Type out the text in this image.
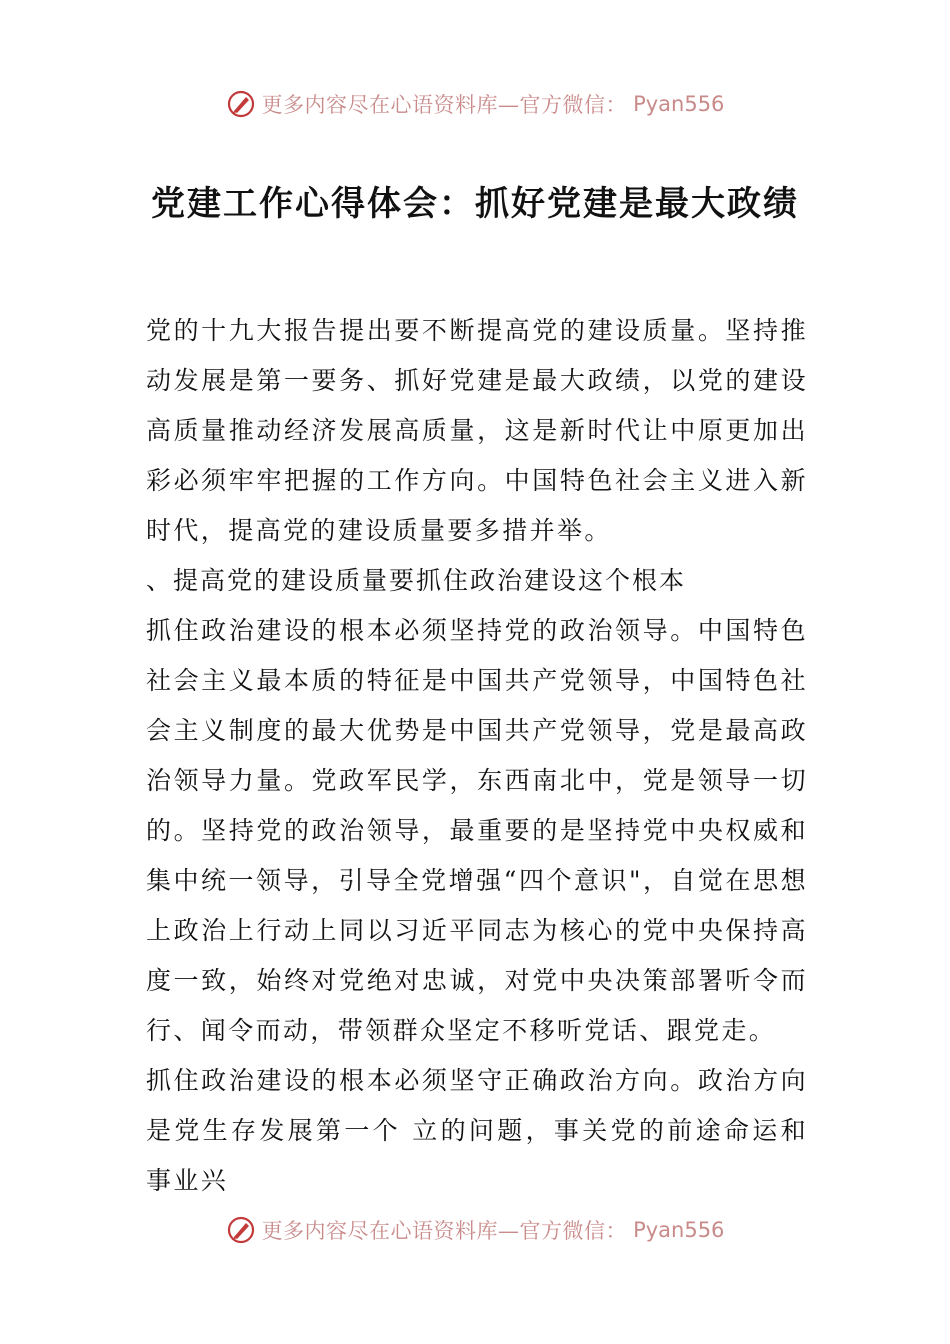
更多内容尽在心语资料库—官方微信： Pyan556
党建工作心得体会：抓好党建是最大政绩

党的十九大报告提出要不断提高党的建设质量。坚持推动发展是第一要务、抓好党建是最大政绩，以党的建设高质量推动经济发展高质量，这是新时代让中原更加出彩必须牢牢把握的工作方向。中国特色社会主义进入新时代，提高党的建设质量要多措并举。

、提高党的建设质量要抓住政治建设这个根本

抓住政治建设的根本必须坚持党的政治领导。中国特色社会主义最本质的特征是中国共产党领导，中国特色社会主义制度的最大优势是中国共产党领导，党是最高政治领导力量。党政军民学，东西南北中，党是领导一切的。坚持党的政治领导，最重要的是坚持党中央权威和集中统一领导，引导全党增强“四个意识"，自觉在思想上政治上行动上同以习近平同志为核心的党中央保持高度一致，始终对党绝对忠诚，对党中央决策部署听令而行、闻令而动，带领群众坚定不移听党话、跟党走。

抓住政治建设的根本必须坚守正确政治方向。政治方向是党生存发展第一个 立的问题，事关党的前途命运和事业兴

更多内容尽在心语资料库—官方微信： Pyan556
